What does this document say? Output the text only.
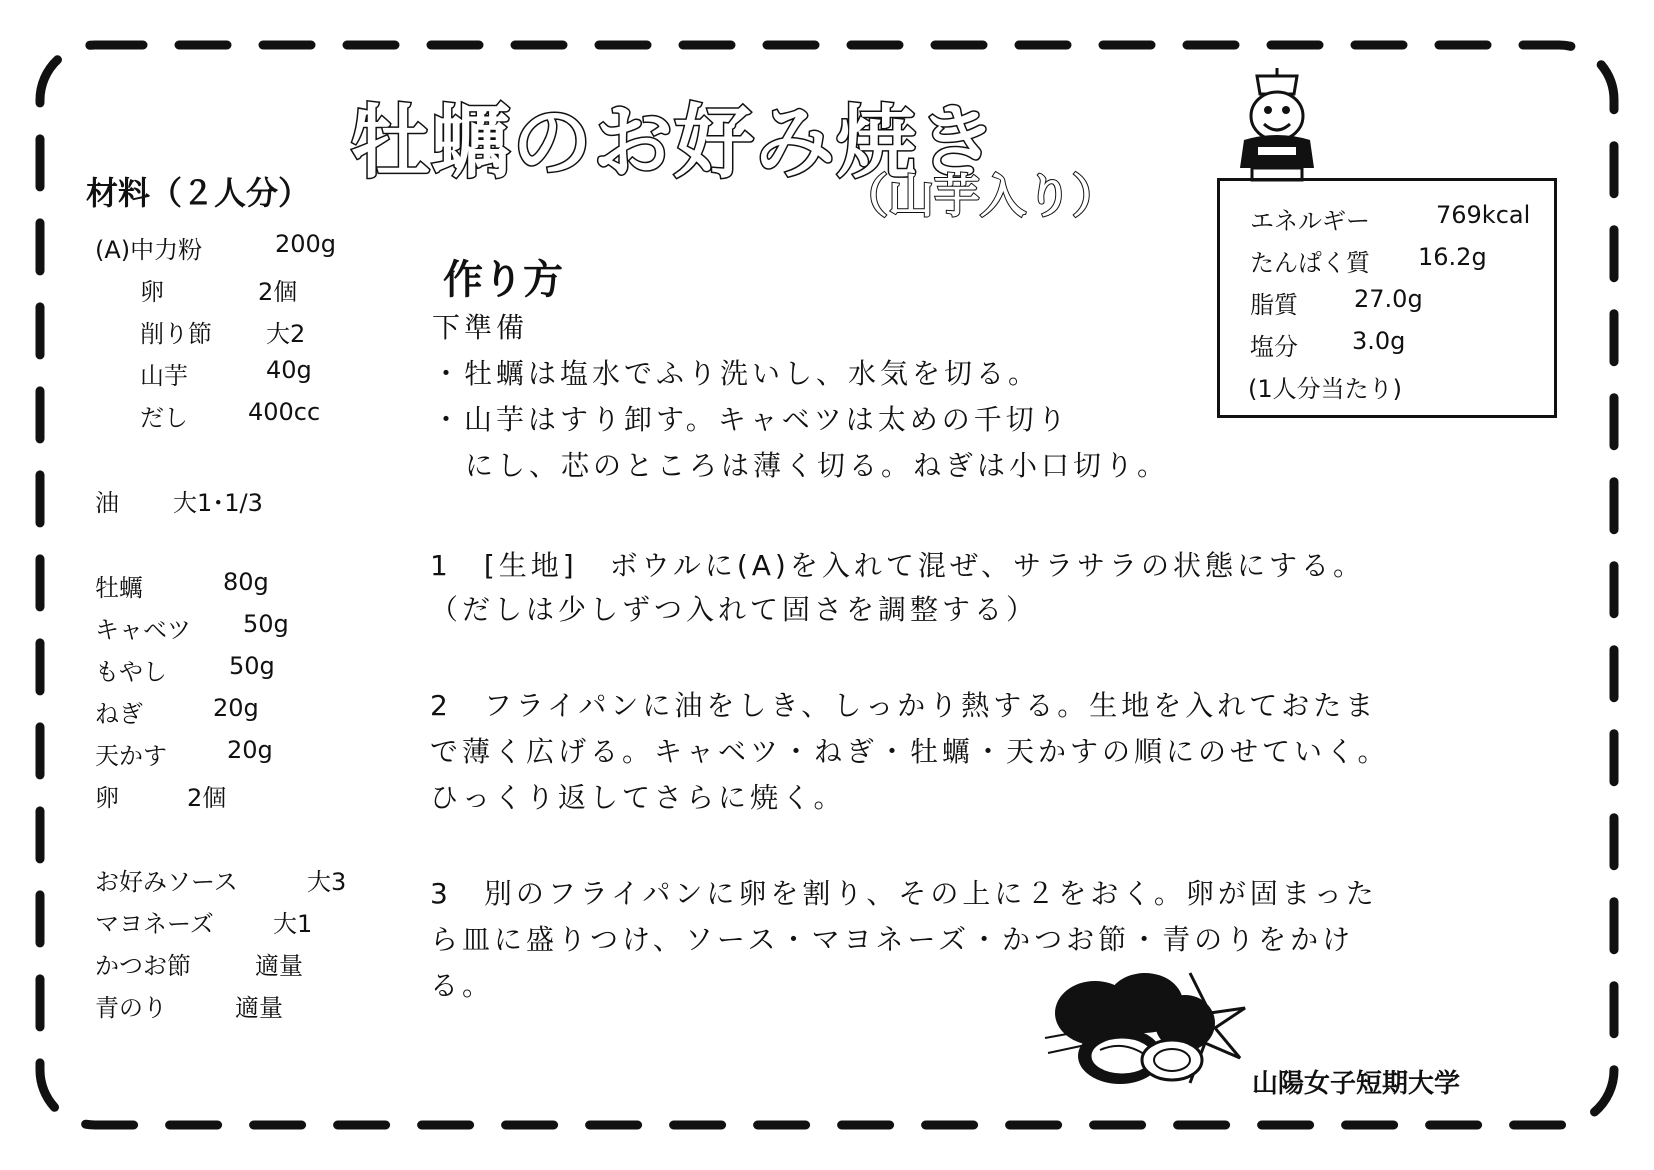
牡蠣のお好み焼き
（山芋入り）
材料（２人分）
(A)中力粉	200g
卵	2個
削り節 大2
山芋	40g
だし	400cc
油 大1･1/3
牡蠣	80g
キャベツ 50g
もやし	50g
ねぎ	20g
天かす	20g
卵	2個
お好みソース	大3
マヨネーズ 大1
かつお節	適量
青のり	適量
作り方
下準備
・牡蠣は塩水でふり洗いし、水気を切る。
・山芋はすり卸す。キャベツは太めの千切り
にし、芯のところは薄く切る。ねぎは小口切り。
1　[生地]　ボウルに(A)を入れて混ぜ、サラサラの状態にする。
（だしは少しずつ入れて固さを調整する）
2　フライパンに油をしき、しっかり熱する。生地を入れておたま
で薄く広げる。キャベツ・ねぎ・牡蠣・天かすの順にのせていく。
ひっくり返してさらに焼く。
3　別のフライパンに卵を割り、その上に２をおく。卵が固まった
ら皿に盛りつけ、ソース・マヨネーズ・かつお節・青のりをかけ
る。
エネルギー	769kcal
たんぱく質 16.2g
脂質 27.0g
塩分 3.0g
(1人分当たり)
山陽女子短期大学
